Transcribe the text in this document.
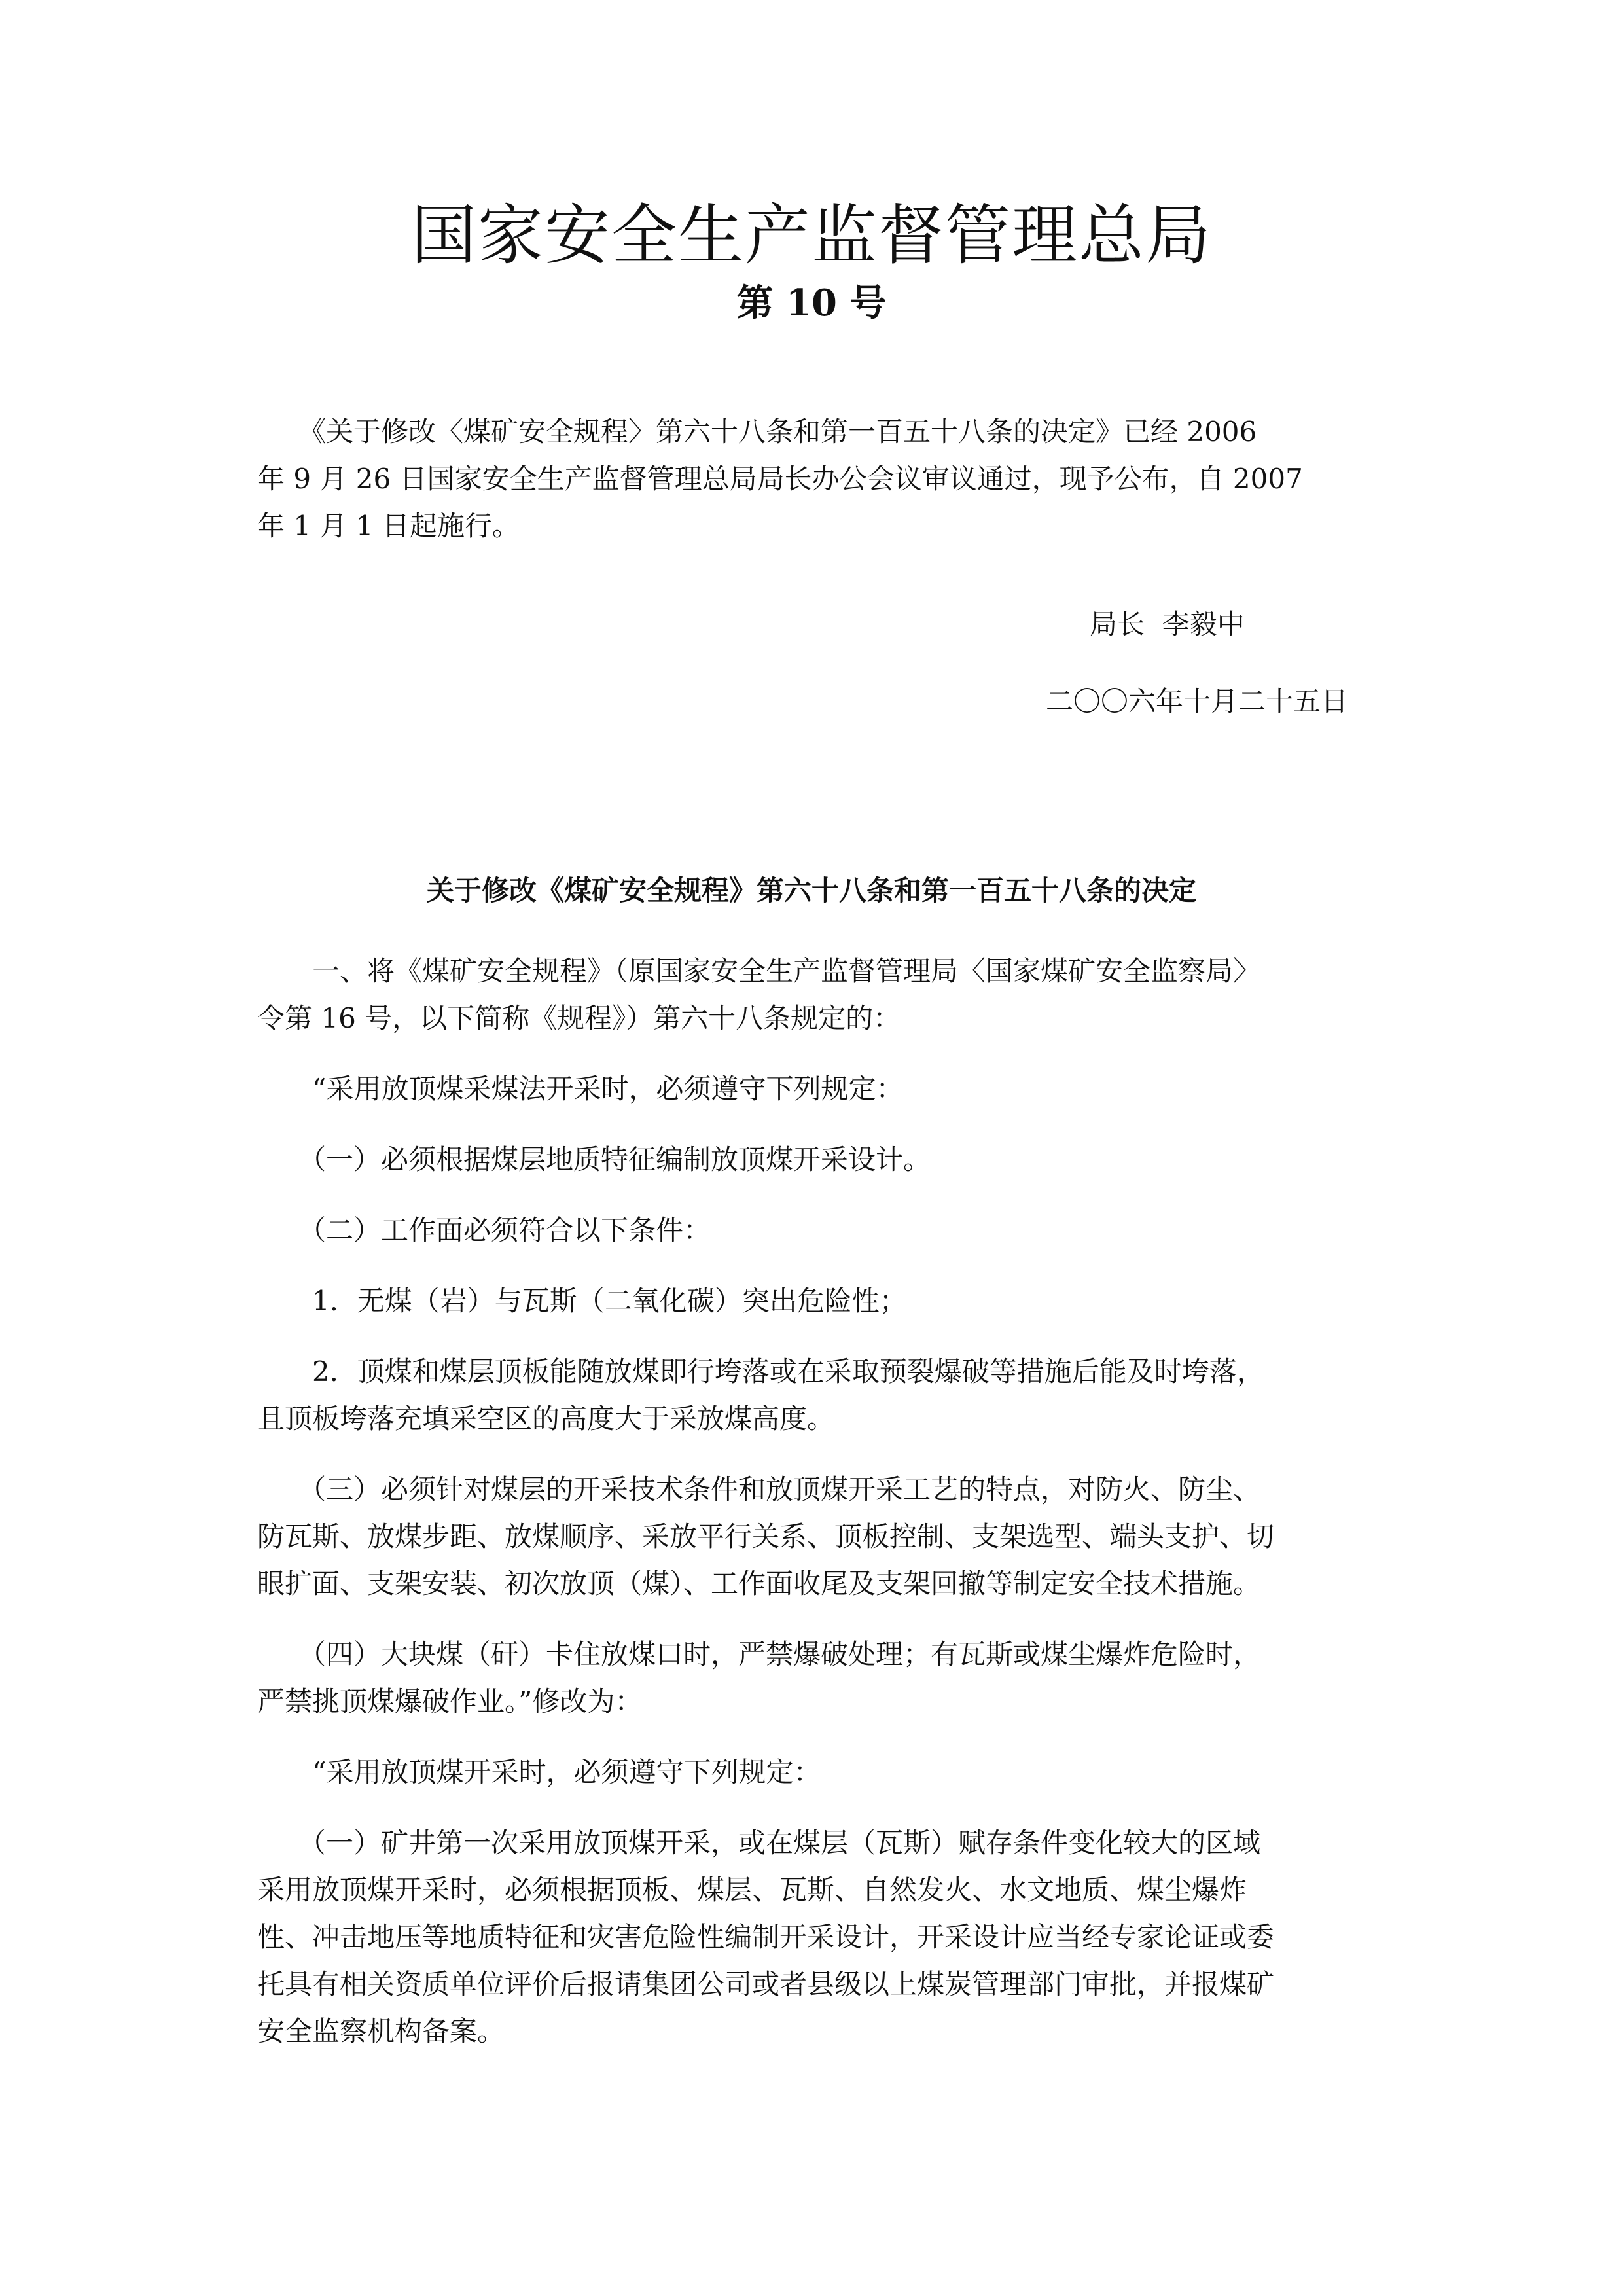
国家安全生产监督管理总局
第 10 号

　　《关于修改〈煤矿安全规程〉第六十八条和第一百五十八条的决定》已经 2006

年 9 月 26 日国家安全生产监督管理总局局长办公会议审议通过，现予公布，自 2007

年 1 月 1 日起施行。

局长  李毅中

二〇〇六年十月二十五日

关于修改《煤矿安全规程》第六十八条和第一百五十八条的决定

　　一、将《煤矿安全规程》（原国家安全生产监督管理局〈国家煤矿安全监察局〉
令第 16 号，以下简称《规程》）第六十八条规定的：

　　“采用放顶煤采煤法开采时，必须遵守下列规定：

　　（一）必须根据煤层地质特征编制放顶煤开采设计。

　　（二）工作面必须符合以下条件：

　　1．无煤（岩）与瓦斯（二氧化碳）突出危险性；

　　2．顶煤和煤层顶板能随放煤即行垮落或在采取预裂爆破等措施后能及时垮落，
且顶板垮落充填采空区的高度大于采放煤高度。

　　（三）必须针对煤层的开采技术条件和放顶煤开采工艺的特点，对防火、防尘、
防瓦斯、放煤步距、放煤顺序、采放平行关系、顶板控制、支架选型、端头支护、切
眼扩面、支架安装、初次放顶（煤）、工作面收尾及支架回撤等制定安全技术措施。

　　（四）大块煤（矸）卡住放煤口时，严禁爆破处理；有瓦斯或煤尘爆炸危险时，
严禁挑顶煤爆破作业。”修改为：

　　“采用放顶煤开采时，必须遵守下列规定：

　　（一）矿井第一次采用放顶煤开采，或在煤层（瓦斯）赋存条件变化较大的区域
采用放顶煤开采时，必须根据顶板、煤层、瓦斯、自然发火、水文地质、煤尘爆炸
性、冲击地压等地质特征和灾害危险性编制开采设计，开采设计应当经专家论证或委
托具有相关资质单位评价后报请集团公司或者县级以上煤炭管理部门审批，并报煤矿
安全监察机构备案。
